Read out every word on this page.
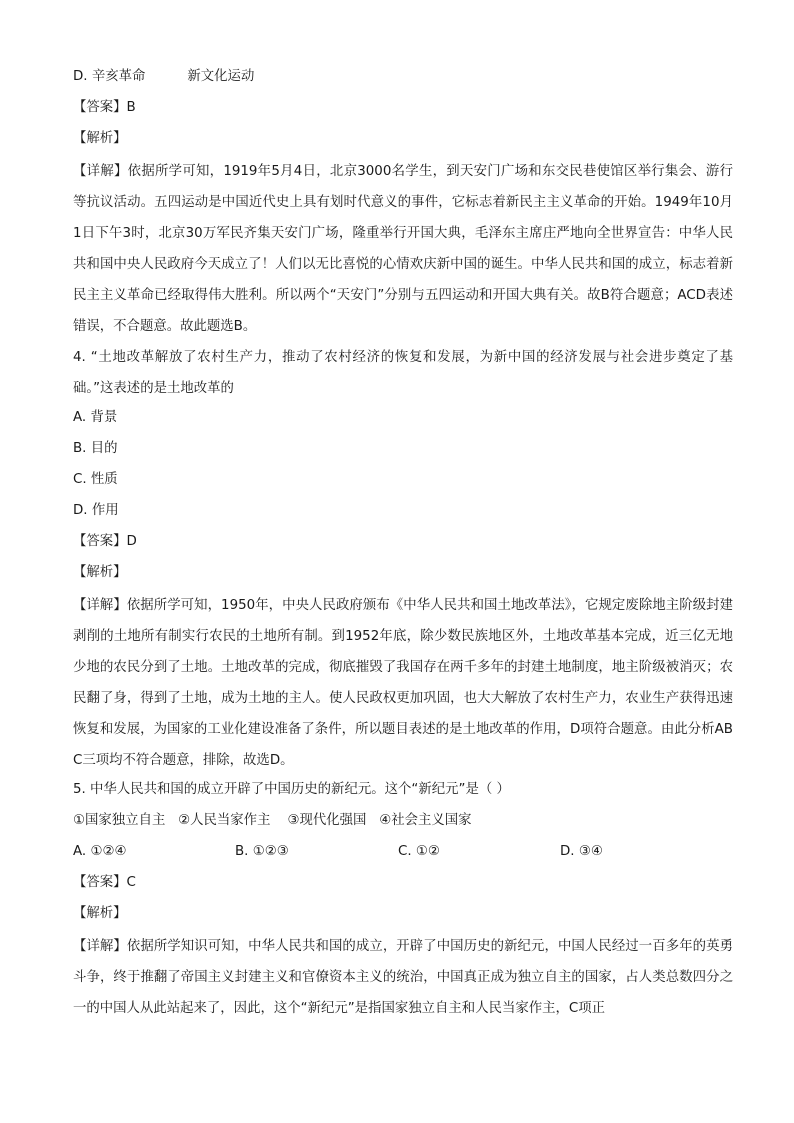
D. 辛亥革命	新文化运动
【答案】B
【解析】
【详解】依据所学可知，1919年5月4日，北京3000名学生，到天安门广场和东交民巷使馆区举行集会、游行等抗议活动。五四运动是中国近代史上具有划时代意义的事件，它标志着新民主主义革命的开始。1949年10月1日下午3时，北京30万军民齐集天安门广场，隆重举行开国大典，毛泽东主席庄严地向全世界宣告：中华人民共和国中央人民政府今天成立了！人们以无比喜悦的心情欢庆新中国的诞生。中华人民共和国的成立，标志着新民主主义革命已经取得伟大胜利。所以两个“天安门”分别与五四运动和开国大典有关。故B符合题意；ACD表述错误，不合题意。故此题选B。
4. “土地改革解放了农村生产力，推动了农村经济的恢复和发展，为新中国的经济发展与社会进步奠定了基础。”这表述的是土地改革的
A. 背景
B. 目的
C. 性质
D. 作用
【答案】D
【解析】
【详解】依据所学可知，1950年，中央人民政府颁布《中华人民共和国土地改革法》，它规定废除地主阶级封建剥削的土地所有制实行农民的土地所有制。到1952年底，除少数民族地区外，土地改革基本完成，近三亿无地少地的农民分到了土地。土地改革的完成，彻底摧毁了我国存在两千多年的封建土地制度，地主阶级被消灭；农民翻了身，得到了土地，成为土地的主人。使人民政权更加巩固，也大大解放了农村生产力，农业生产获得迅速恢复和发展，为国家的工业化建设准备了条件，所以题目表述的是土地改革的作用，D项符合题意。由此分析ABC三项均不符合题意，排除，故选D。
5. 中华人民共和国的成立开辟了中国历史的新纪元。这个“新纪元”是（ ）
①国家独立自主   ②人民当家作主    ③现代化强国   ④社会主义国家
A. ①②④	B. ①②③	C. ①②	D. ③④
【答案】C
【解析】
【详解】依据所学知识可知，中华人民共和国的成立，开辟了中国历史的新纪元，中国人民经过一百多年的英勇斗争，终于推翻了帝国主义封建主义和官僚资本主义的统治，中国真正成为独立自主的国家，占人类总数四分之一的中国人从此站起来了，因此，这个“新纪元”是指国家独立自主和人民当家作主，C项正
